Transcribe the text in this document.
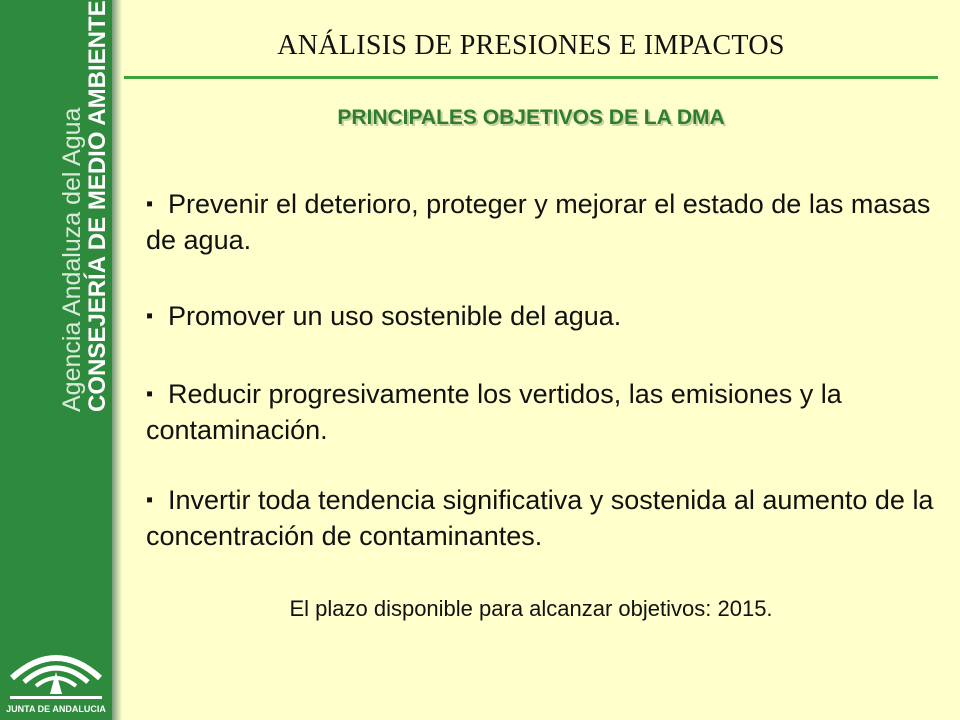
Agencia Andaluza del Agua
CONSEJERÍA DE MEDIO AMBIENTE
JUNTA DE ANDALUCIA
ANÁLISIS DE PRESIONES E IMPACTOS
PRINCIPALES OBJETIVOS DE LA DMA
▪ Prevenir el deterioro, proteger y mejorar el estado de las masas de agua.
▪ Promover un uso sostenible del agua.
▪ Reducir progresivamente los vertidos, las emisiones y la contaminación.
▪ Invertir toda tendencia significativa y sostenida al aumento de la concentración de contaminantes.
El plazo disponible para alcanzar objetivos: 2015.
